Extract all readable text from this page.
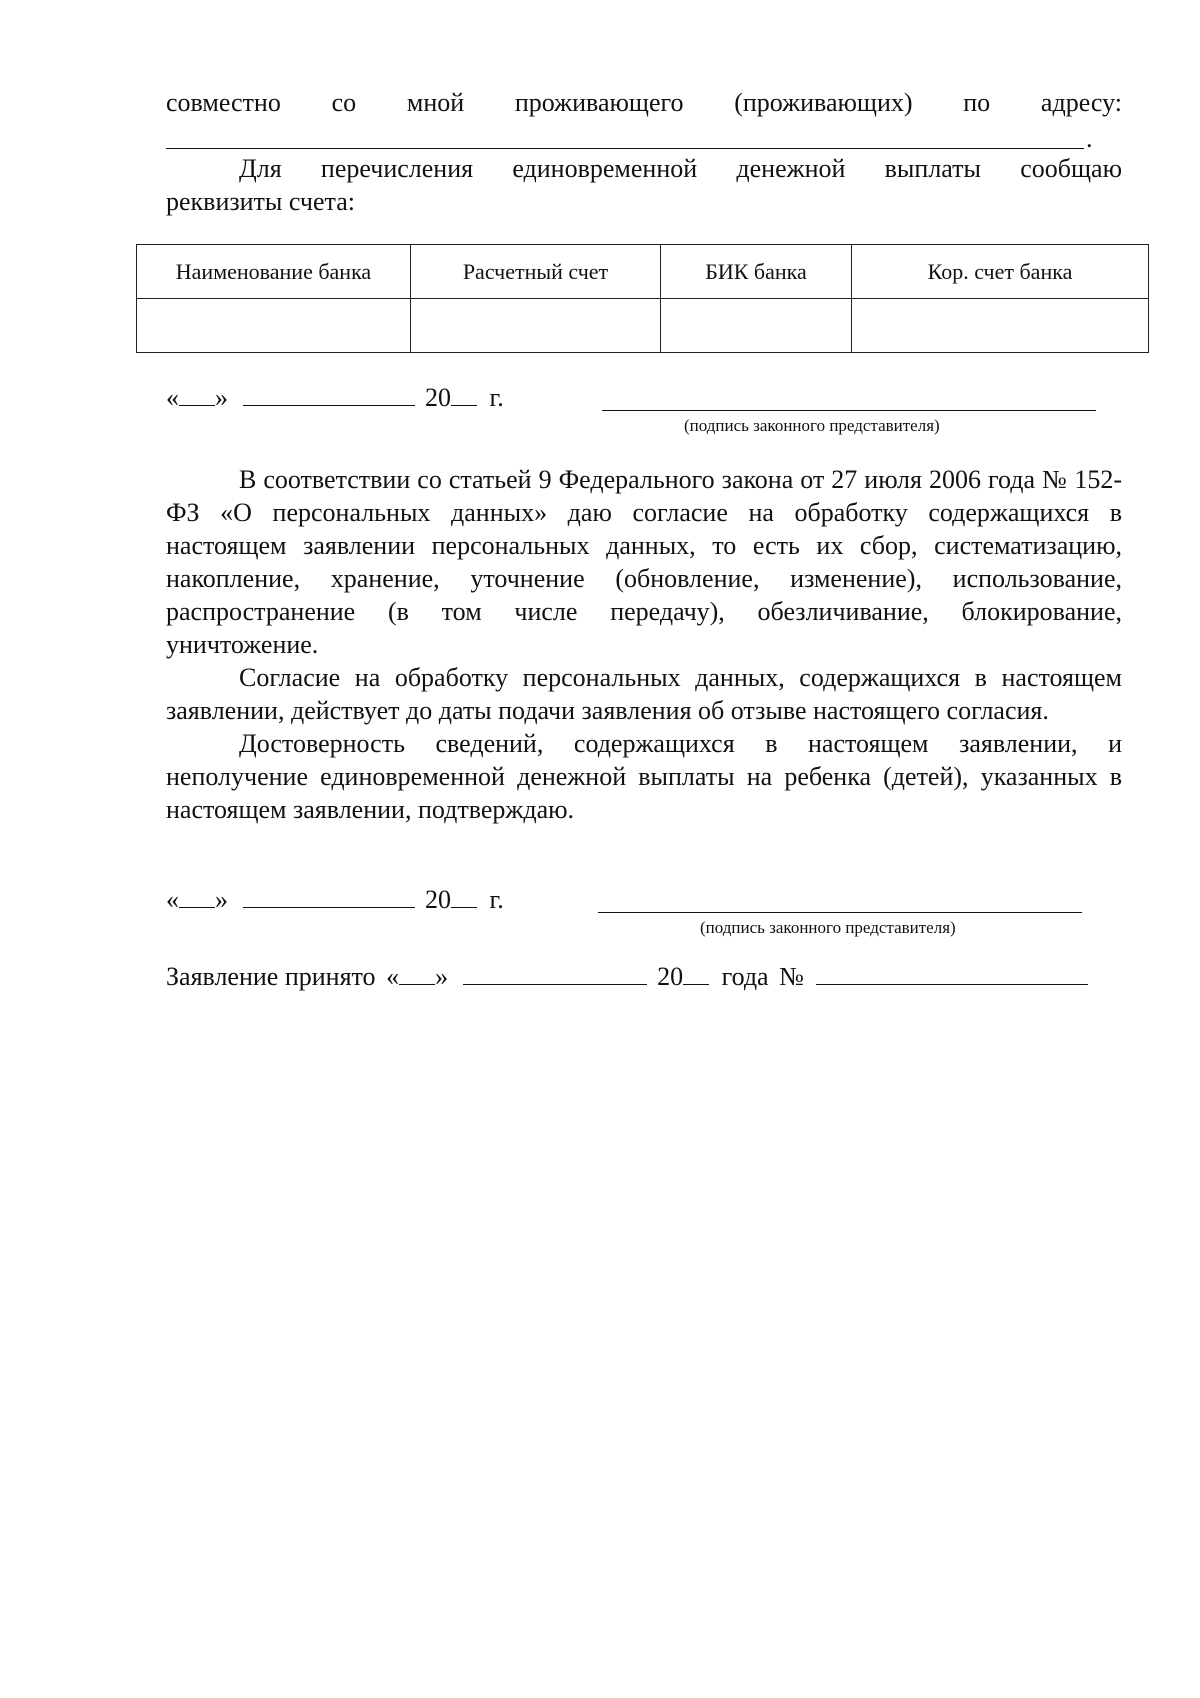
совместно со мной проживающего (проживающих) по адресу:
.
Для перечисления единовременной денежной выплаты сообщаю
реквизиты счета:
Наименование банка	Расчетный счет	БИК банка	Кор. счет банка

« »	20 г.
(подпись законного представителя)
В соответствии со статьей 9 Федерального закона от 27 июля 2006 года № 152-ФЗ «О персональных данных» даю согласие на обработку содержащихся в настоящем заявлении персональных данных, то есть их сбор, систематизацию, накопление, хранение, уточнение (обновление, изменение), использование, распространение (в том числе передачу), обезличивание, блокирование, уничтожение.
Согласие на обработку персональных данных, содержащихся в настоящем заявлении, действует до даты подачи заявления об отзыве настоящего согласия.
Достоверность сведений, содержащихся в настоящем заявлении, и неполучение единовременной денежной выплаты на ребенка (детей), указанных в настоящем заявлении, подтверждаю.
« »	20 г.
(подпись законного представителя)
Заявление принято « »	20 года №
